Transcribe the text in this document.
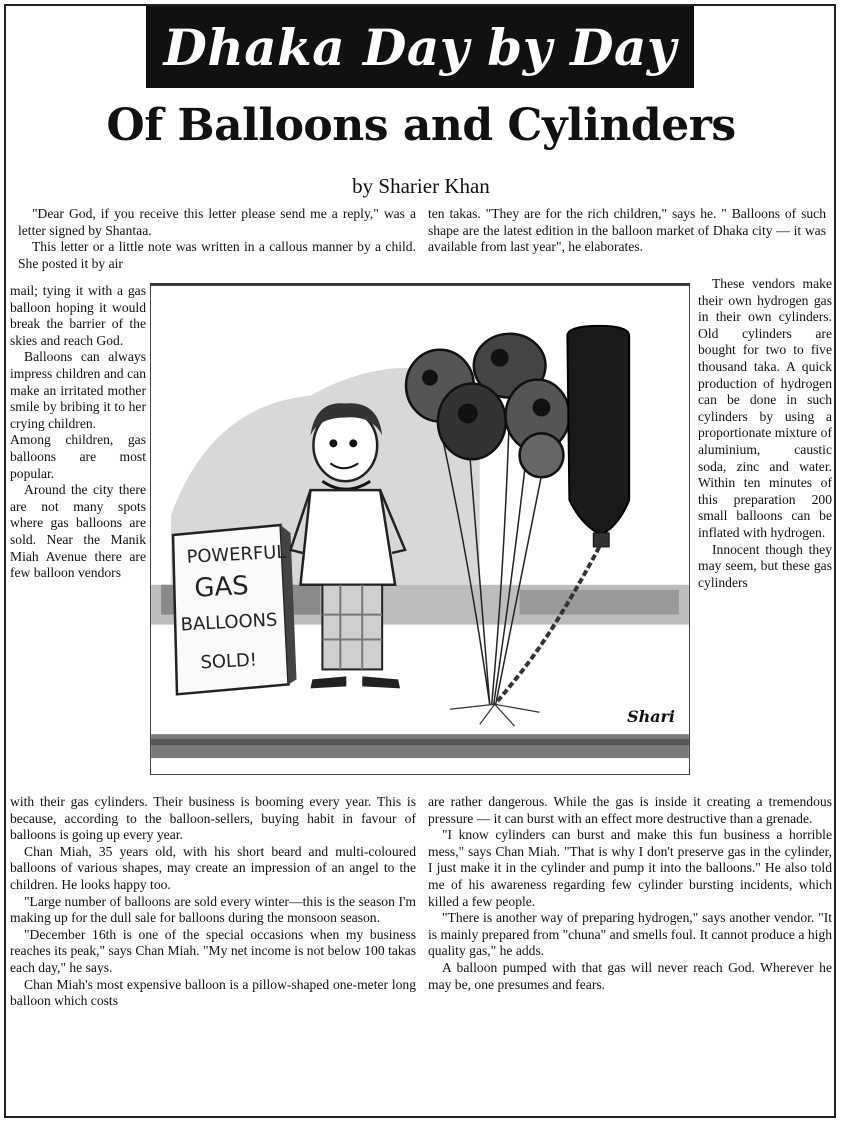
Dhaka Day by Day
Of Balloons and Cylinders
by Sharier Khan

"Dear God, if you receive this letter please send me a reply," was a letter signed by Shantaa.

This letter or a little note was written in a callous manner by a child. She posted it by air

ten takas. "They are for the rich children," says he. " Balloons of such shape are the latest edition in the balloon market of Dhaka city — it was available from last year", he elaborates.

mail; tying it with a gas balloon hoping it would break the barrier of the skies and reach God.

Balloons can always impress children and can make an irritated mother smile by bribing it to her crying children.

Among children, gas balloons are most popular.

Around the city there are not many spots where gas balloons are sold. Near the Manik Miah Avenue there are few balloon vendors

These vendors make their own hydrogen gas in their own cylinders. Old cylinders are bought for two to five thousand taka. A quick production of hydrogen can be done in such cylinders by using a proportionate mixture of aluminium, caustic soda, zinc and water. Within ten minutes of this preparation 200 small balloons can be inflated with hydrogen.

Innocent though they may seem, but these gas cylinders

POWERFUL
GAS
BALLOONS
SOLD!
Shari

with their gas cylinders. Their business is booming every year. This is because, according to the balloon-sellers, buying habit in favour of balloons is going up every year.

Chan Miah, 35 years old, with his short beard and multi-coloured balloons of various shapes, may create an impression of an angel to the children. He looks happy too.

"Large number of balloons are sold every winter—this is the season I'm making up for the dull sale for balloons during the monsoon season.

"December 16th is one of the special occasions when my business reaches its peak," says Chan Miah. "My net income is not below 100 takas each day," he says.

Chan Miah's most expensive balloon is a pillow-shaped one-meter long balloon which costs

are rather dangerous. While the gas is inside it creating a tremendous pressure — it can burst with an effect more destructive than a grenade.

"I know cylinders can burst and make this fun business a horrible mess," says Chan Miah. "That is why I don't preserve gas in the cylinder, I just make it in the cylinder and pump it into the balloons." He also told me of his awareness regarding few cylinder bursting incidents, which killed a few people.

"There is another way of preparing hydrogen," says another vendor. "It is mainly prepared from "chuna" and smells foul. It cannot produce a high quality gas," he adds.

A balloon pumped with that gas will never reach God. Wherever he may be, one presumes and fears.
